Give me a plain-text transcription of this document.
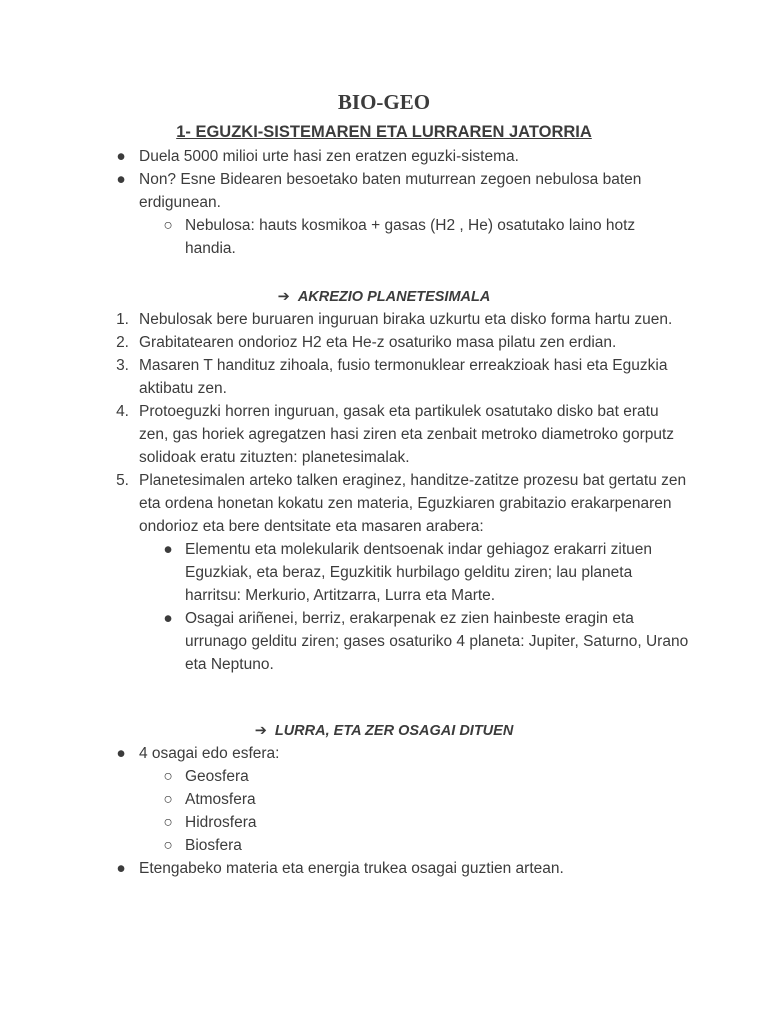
BIO-GEO
1- EGUZKI-SISTEMAREN ETA LURRAREN JATORRIA
● Duela 5000 milioi urte hasi zen eratzen eguzki-sistema.
● Non? Esne Bidearen besoetako baten muturrean zegoen nebulosa baten erdigunean.
○ Nebulosa: hauts kosmikoa + gasas (H2 , He) osatutako laino hotz handia.
➔ AKREZIO PLANETESIMALA
1. Nebulosak bere buruaren inguruan biraka uzkurtu eta disko forma hartu zuen.
2. Grabitatearen ondorioz H2 eta He-z osaturiko masa pilatu zen erdian.
3. Masaren T handituz zihoala, fusio termonuklear erreakzioak hasi eta Eguzkia aktibatu zen.
4. Protoeguzki horren inguruan, gasak eta partikulek osatutako disko bat eratu zen, gas horiek agregatzen hasi ziren eta zenbait metroko diametroko gorputz solidoak eratu zituzten: planetesimalak.
5. Planetesimalen arteko talken eraginez, handitze-zatitze prozesu bat gertatu zen eta ordena honetan kokatu zen materia, Eguzkiaren grabitazio erakarpenaren ondorioz eta bere dentsitate eta masaren arabera:
● Elementu eta molekularik dentsoenak indar gehiagoz erakarri zituen Eguzkiak, eta beraz, Eguzkitik hurbilago gelditu ziren; lau planeta harritsu: Merkurio, Artitzarra, Lurra eta Marte.
● Osagai ariñenei, berriz, erakarpenak ez zien hainbeste eragin eta urrunago gelditu ziren; gases osaturiko 4 planeta: Jupiter, Saturno, Urano eta Neptuno.
➔ LURRA, ETA ZER OSAGAI DITUEN
● 4 osagai edo esfera:
○ Geosfera
○ Atmosfera
○ Hidrosfera
○ Biosfera
● Etengabeko materia eta energia trukea osagai guztien artean.
